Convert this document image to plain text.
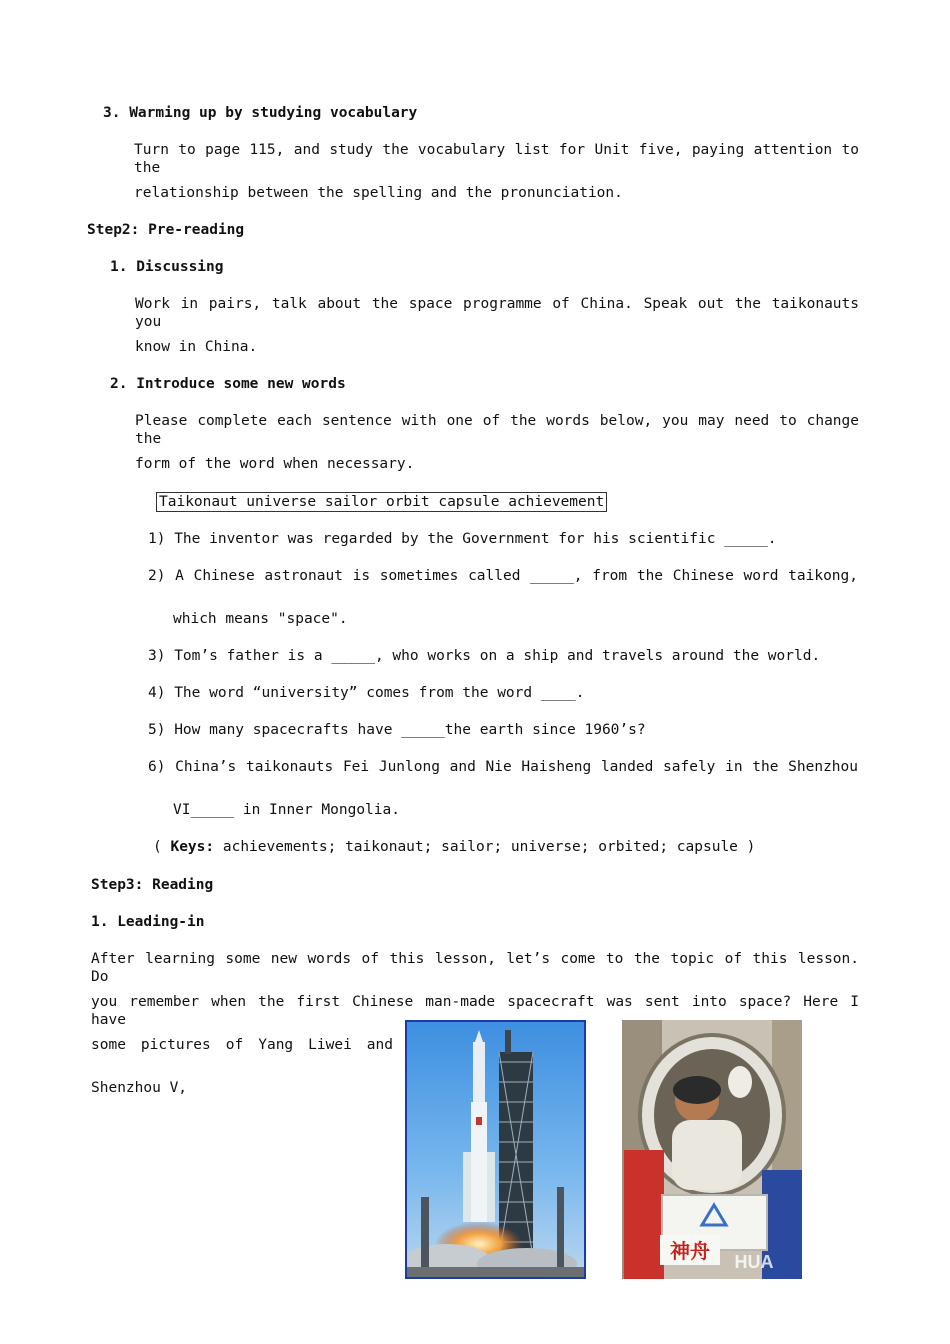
3. Warming up by studying vocabulary
Turn to page 115, and study the vocabulary list for Unit five, paying attention to the
relationship between the spelling and the pronunciation.
Step2: Pre-reading
1. Discussing
Work in pairs, talk about the space programme of China. Speak out the taikonauts you
know in China.
2. Introduce some new words
Please complete each sentence with one of the words below, you may need to change the
form of the word when necessary.
Taikonaut universe sailor orbit capsule achievement
1) The inventor was regarded by the Government for his scientific _____.
2) A Chinese astronaut is sometimes called _____, from the Chinese word taikong,
which means "space".
3) Tom’s father is a _____, who works on a ship and travels around the world.
4) The word “university” comes from the word ____.
5) How many spacecrafts have _____the earth since 1960’s?
6) China’s taikonauts Fei Junlong and Nie Haisheng landed safely in the Shenzhou
VI_____ in Inner Mongolia.
( Keys: achievements; taikonaut; sailor; universe; orbited; capsule )
Step3: Reading
1. Leading-in
After learning some new words of this lesson, let’s come to the topic of this lesson. Do
you remember when the first Chinese man-made spacecraft was sent into space? Here I have
some pictures of Yang Liwei and
Shenzhou V,
神舟 HUA
